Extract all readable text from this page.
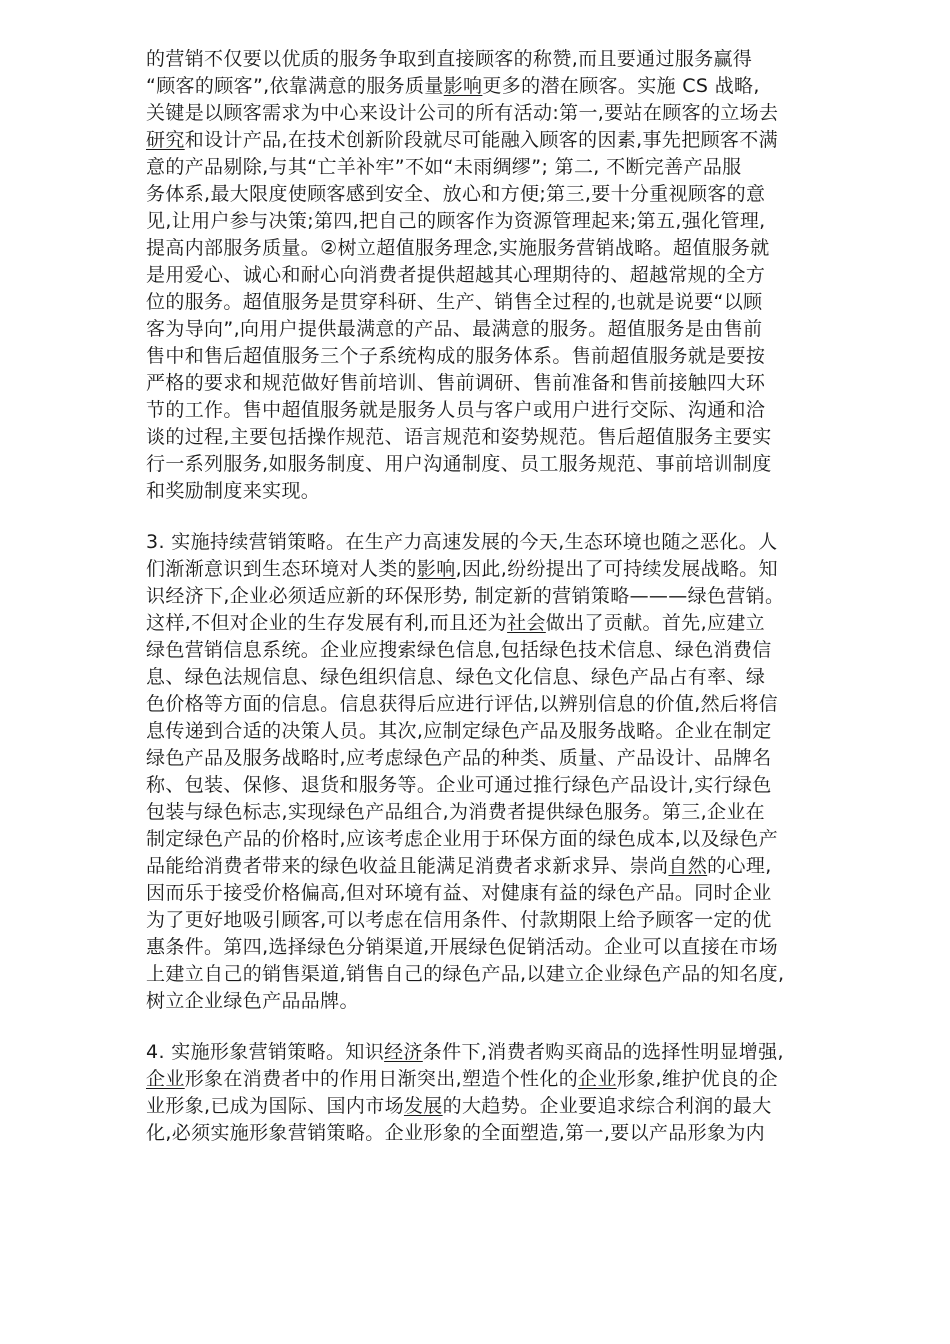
的营销不仅要以优质的服务争取到直接顾客的称赞,而且要通过服务赢得
“顾客的顾客”,依靠满意的服务质量影响更多的潜在顾客。实施 CS 战略,
关键是以顾客需求为中心来设计公司的所有活动:第一,要站在顾客的立场去
研究和设计产品,在技术创新阶段就尽可能融入顾客的因素,事先把顾客不满
意的产品剔除,与其“亡羊补牢”不如“未雨绸缪”; 第二, 不断完善产品服
务体系,最大限度使顾客感到安全、放心和方便;第三,要十分重视顾客的意
见,让用户参与决策;第四,把自己的顾客作为资源管理起来;第五,强化管理,
提高内部服务质量。②树立超值服务理念,实施服务营销战略。超值服务就
是用爱心、诚心和耐心向消费者提供超越其心理期待的、超越常规的全方
位的服务。超值服务是贯穿科研、生产、销售全过程的,也就是说要“以顾
客为导向”,向用户提供最满意的产品、最满意的服务。超值服务是由售前
售中和售后超值服务三个子系统构成的服务体系。售前超值服务就是要按
严格的要求和规范做好售前培训、售前调研、售前准备和售前接触四大环
节的工作。售中超值服务就是服务人员与客户或用户进行交际、沟通和洽
谈的过程,主要包括操作规范、语言规范和姿势规范。售后超值服务主要实
行一系列服务,如服务制度、用户沟通制度、员工服务规范、事前培训制度
和奖励制度来实现。

3. 实施持续营销策略。在生产力高速发展的今天,生态环境也随之恶化。人
们渐渐意识到生态环境对人类的影响,因此,纷纷提出了可持续发展战略。知
识经济下,企业必须适应新的环保形势, 制定新的营销策略———绿色营销。
这样,不但对企业的生存发展有利,而且还为社会做出了贡献。首先,应建立
绿色营销信息系统。企业应搜索绿色信息,包括绿色技术信息、绿色消费信
息、绿色法规信息、绿色组织信息、绿色文化信息、绿色产品占有率、绿
色价格等方面的信息。信息获得后应进行评估,以辨别信息的价值,然后将信
息传递到合适的决策人员。其次,应制定绿色产品及服务战略。企业在制定
绿色产品及服务战略时,应考虑绿色产品的种类、质量、产品设计、品牌名
称、包装、保修、退货和服务等。企业可通过推行绿色产品设计,实行绿色
包装与绿色标志,实现绿色产品组合,为消费者提供绿色服务。第三,企业在
制定绿色产品的价格时,应该考虑企业用于环保方面的绿色成本,以及绿色产
品能给消费者带来的绿色收益且能满足消费者求新求异、崇尚自然的心理,
因而乐于接受价格偏高,但对环境有益、对健康有益的绿色产品。同时企业
为了更好地吸引顾客,可以考虑在信用条件、付款期限上给予顾客一定的优
惠条件。第四,选择绿色分销渠道,开展绿色促销活动。企业可以直接在市场
上建立自己的销售渠道,销售自己的绿色产品,以建立企业绿色产品的知名度,
树立企业绿色产品品牌。

4. 实施形象营销策略。知识经济条件下,消费者购买商品的选择性明显增强,
企业形象在消费者中的作用日渐突出,塑造个性化的企业形象,维护优良的企
业形象,已成为国际、国内市场发展的大趋势。企业要追求综合利润的最大
化,必须实施形象营销策略。企业形象的全面塑造,第一,要以产品形象为内
